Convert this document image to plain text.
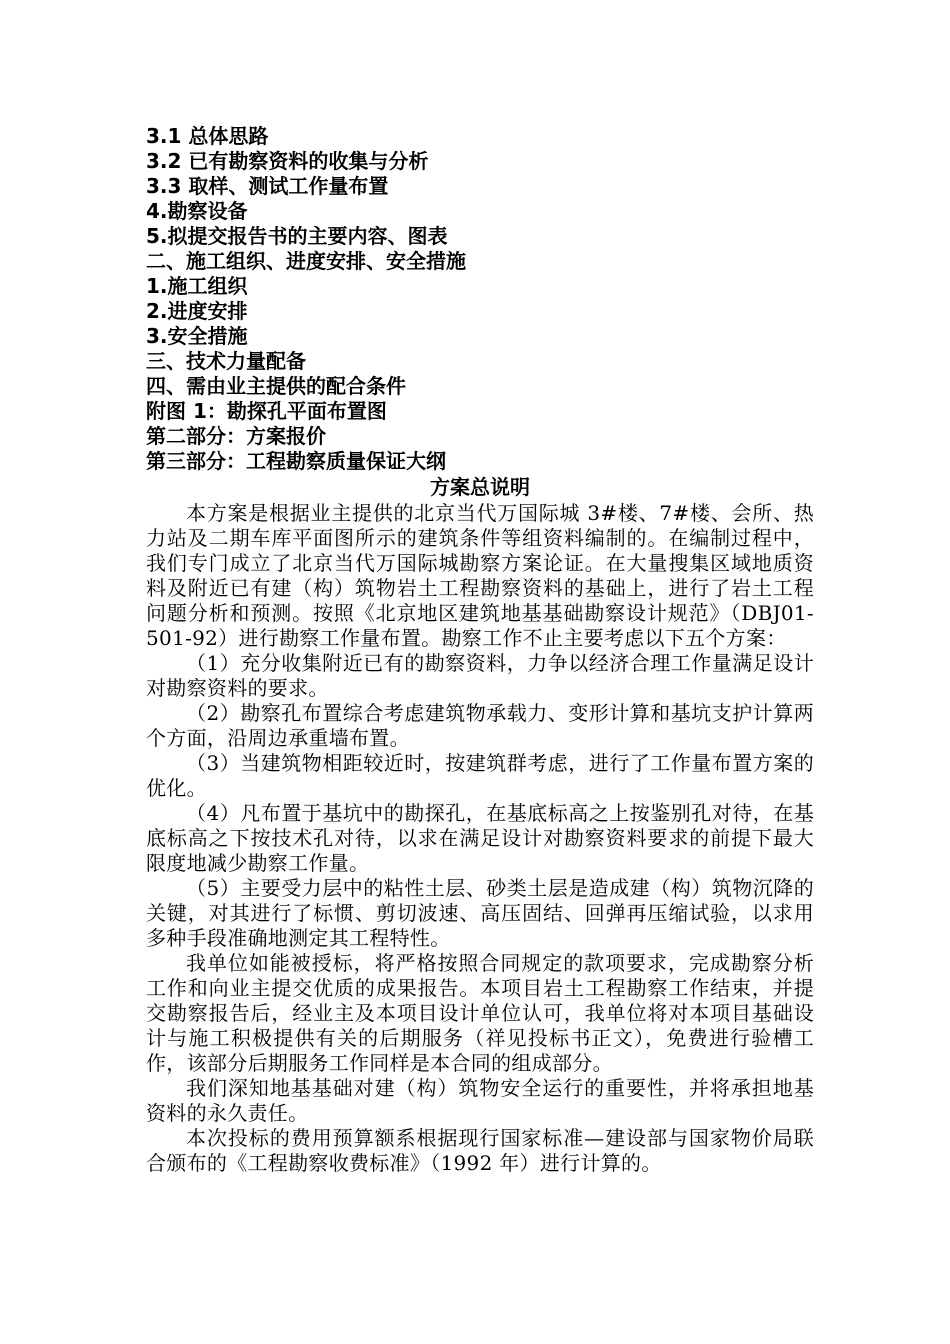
3.1 总体思路

3.2 已有勘察资料的收集与分析

3.3 取样、测试工作量布置

4.勘察设备

5.拟提交报告书的主要内容、图表

二、施工组织、进度安排、安全措施

1.施工组织

2.进度安排

3.安全措施

三、技术力量配备

四、需由业主提供的配合条件

附图 1：勘探孔平面布置图

第二部分：方案报价

第三部分：工程勘察质量保证大纲

方案总说明

本方案是根据业主提供的北京当代万国际城 3#楼、7#楼、会所、热力站及二期车库平面图所示的建筑条件等组资料编制的。在编制过程中，我们专门成立了北京当代万国际城勘察方案论证。在大量搜集区域地质资料及附近已有建（构）筑物岩土工程勘察资料的基础上，进行了岩土工程问题分析和预测。按照《北京地区建筑地基基础勘察设计规范》（DBJ01-501-92）进行勘察工作量布置。勘察工作不止主要考虑以下五个方案：

（1）充分收集附近已有的勘察资料，力争以经济合理工作量满足设计对勘察资料的要求。

（2）勘察孔布置综合考虑建筑物承载力、变形计算和基坑支护计算两个方面，沿周边承重墙布置。

（3）当建筑物相距较近时，按建筑群考虑，进行了工作量布置方案的优化。

（4）凡布置于基坑中的勘探孔，在基底标高之上按鉴别孔对待，在基底标高之下按技术孔对待，以求在满足设计对勘察资料要求的前提下最大限度地减少勘察工作量。

（5）主要受力层中的粘性土层、砂类土层是造成建（构）筑物沉降的关键，对其进行了标惯、剪切波速、高压固结、回弹再压缩试验，以求用多种手段准确地测定其工程特性。

我单位如能被授标，将严格按照合同规定的款项要求，完成勘察分析工作和向业主提交优质的成果报告。本项目岩土工程勘察工作结束，并提交勘察报告后，经业主及本项目设计单位认可，我单位将对本项目基础设计与施工积极提供有关的后期服务（祥见投标书正文），免费进行验槽工作，该部分后期服务工作同样是本合同的组成部分。

我们深知地基基础对建（构）筑物安全运行的重要性，并将承担地基资料的永久责任。

本次投标的费用预算额系根据现行国家标准—建设部与国家物价局联合颁布的《工程勘察收费标准》（1992 年）进行计算的。
